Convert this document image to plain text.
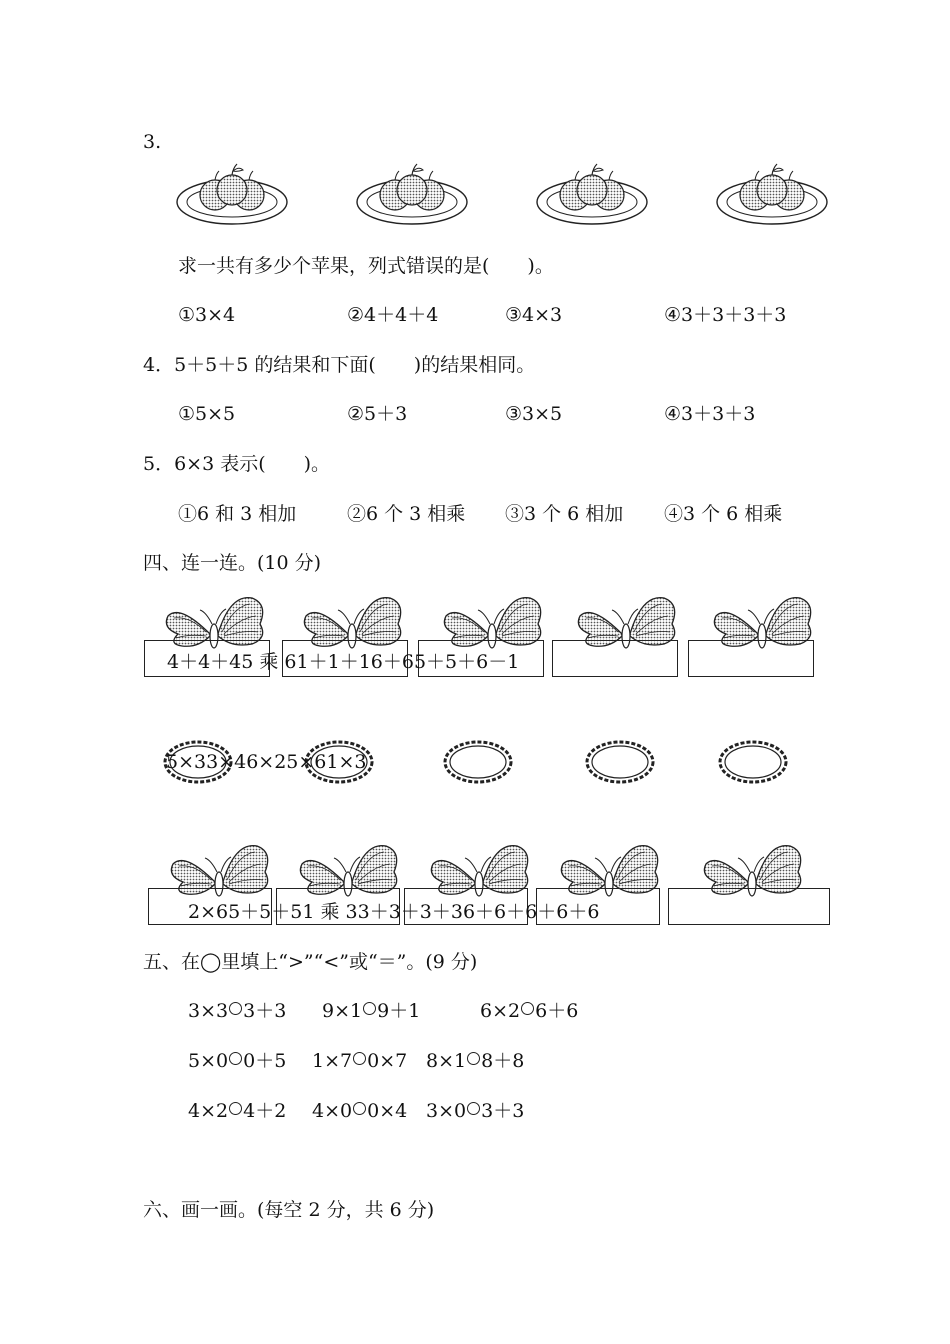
3.
求一共有多少个苹果，列式错误的是(　　)。
①3×4	②4＋4＋4	③4×3	④3＋3＋3＋3
4．5＋5＋5 的结果和下面(　　)的结果相同。
①5×5	②5＋3	③3×5	④3＋3＋3
5．6×3 表示(　　)。
①6 和 3 相加	②6 个 3 相乘 ③3 个 6 相加 ④3 个 6 相乘
四、连一连。(10 分)
4＋4＋45 乘 61＋1＋16＋65＋5＋6－1
5×33×46×25×61×3
2×65＋5＋51 乘 33＋3＋3＋36＋6＋6＋6＋6
五、在◯里填上“>”“<”或“＝”。(9 分)
3×3 3＋3 9×1 9＋1	6×2 6＋6
5×0 0＋5 1×7 0×7 8×1 8＋8
4×2 4＋2 4×0 0×4 3×0 3＋3
六、画一画。(每空 2 分，共 6 分)
